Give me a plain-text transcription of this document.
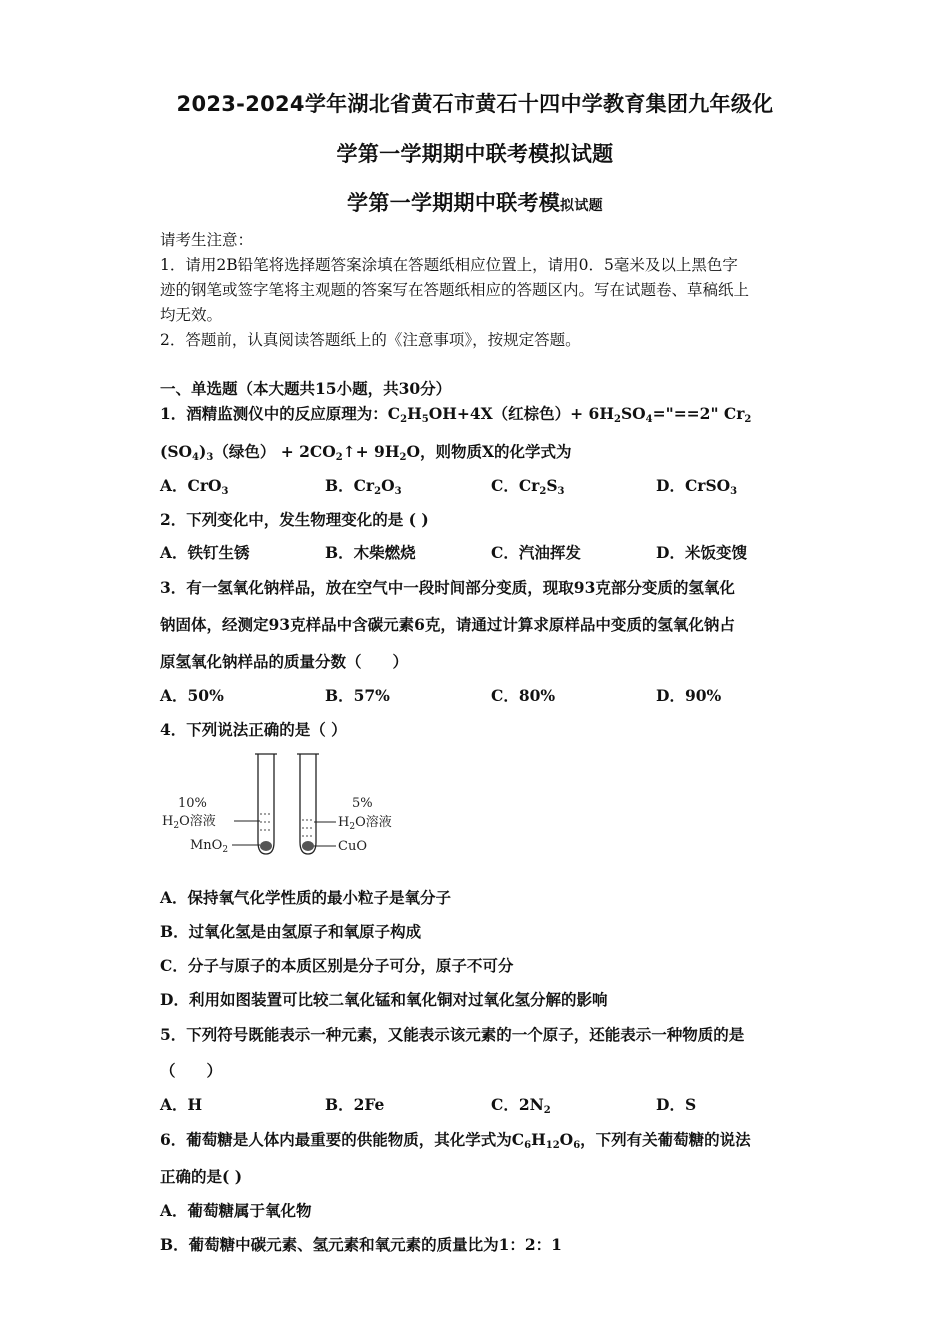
2023-2024学年湖北省黄石市黄石十四中学教育集团九年级化
学第一学期期中联考模拟试题
学第一学期期中联考模拟试题
请考生注意：
1．请用2B铅笔将选择题答案涂填在答题纸相应位置上，请用0．5毫米及以上黑色字
迹的钢笔或签字笔将主观题的答案写在答题纸相应的答题区内。写在试题卷、草稿纸上
均无效。
2．答题前，认真阅读答题纸上的《注意事项》，按规定答题。
一、单选题（本大题共15小题，共30分）
1．酒精监测仪中的反应原理为：$C_2H_5OH+4X$（红棕色）+ $6H_2SO_4="==2$" $Cr_2$
$(SO_4)_3$（绿色） + $2CO_2↑+ 9H_2O$，则物质X的化学式为
A．CrO$_3$	B．$Cr_2O_3$	C．$Cr_2S_3$	D．CrSO$_3$
2．下列变化中，发生物理变化的是 ( )
A．铁钉生锈	B．木柴燃烧	C．汽油挥发	D．米饭变馊
3．有一氢氧化钠样品，放在空气中一段时间部分变质，现取93克部分变质的氢氧化
钠固体，经测定93克样品中含碳元素6克，请通过计算求原样品中变质的氢氧化钠占
原氢氧化钠样品的质量分数（　　）
A．50%	B．57%	C．80%	D．90%
4．下列说法正确的是（ ）
10%
$H_2O$溶液
MnO$_2$
5%
$H_2O$溶液
CuO
A．保持氧气化学性质的最小粒子是氧分子
B．过氧化氢是由氢原子和氧原子构成
C．分子与原子的本质区别是分子可分，原子不可分
D．利用如图装置可比较二氧化锰和氧化铜对过氧化氢分解的影响
5．下列符号既能表示一种元素，又能表示该元素的一个原子，还能表示一种物质的是
（　　）
A．H	B．2Fe	C．$2N_2$	D．S
6．葡萄糖是人体内最重要的供能物质，其化学式为$C_6H_{12}O_6$，下列有关葡萄糖的说法
正确的是( )
A．葡萄糖属于氧化物
B．葡萄糖中碳元素、氢元素和氧元素的质量比为1：2：1
